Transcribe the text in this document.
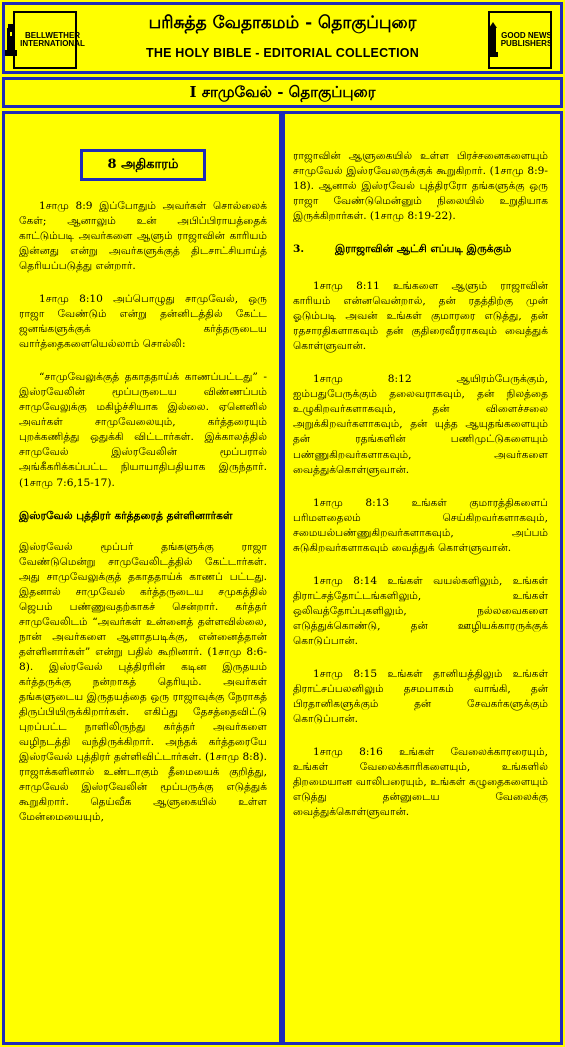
BELLWETHER
INTERNATIONAL
பரிசுத்த வேதாகமம் - தொகுப்புரை
THE HOLY BIBLE - EDITORIAL COLLECTION
GOOD NEWS
PUBLISHERS
I சாமுவேல் - தொகுப்புரை
8 அதிகாரம்

1சாமு 8:9 இப்போதும் அவர்கள் சொல்லைக் கேள்; ஆனாலும் உன் அபிப்பிராயத்தைக் காட்டும்படி அவர்களை ஆளும் ராஜாவின் காரியம் இன்னது என்று அவர்களுக்குத் திடசாட்சியாய்த் தெரியப்படுத்து என்றார்.

1சாமு 8:10 அப்பொழுது சாமுவேல், ஒரு ராஜா வேண்டும் என்று தன்னிடத்தில் கேட்ட ஜனங்களுக்குக் கர்த்தருடைய வார்த்தைகளையெல்லாம் சொல்லி:

“சாமுவேலுக்குத் தகாததாய்க் காணப்பட்டது” - இஸ்ரவேலின் மூப்பருடைய விண்ணப்பம் சாமுவேலுக்கு மகிழ்ச்சியாக இல்லை. ஏனெனில் அவர்கள் சாமுவேலையும், கர்த்தரையும் புறக்கணித்து ஒதுக்கி விட்டார்கள். இக்காலத்தில் சாமுவேல் இஸ்ரவேலின் மூப்பரால் அங்கீகரிக்கப்பட்ட நியாயாதிபதியாக இருந்தார். (1சாமு 7:6,15-17).

இஸ்ரவேல் புத்திரர் கர்த்தரைத் தள்ளினார்கள்

இஸ்ரவேல் மூப்பர் தங்களுக்கு ராஜா வேண்டுமென்று சாமுவேலிடத்தில் கேட்டார்கள். அது சாமுவேலுக்குத் தகாததாய்க் காணப் பட்டது. இதனால் சாமுவேல் கர்த்தருடைய சமுகத்தில் ஜெபம் பண்ணுவதற்காகச் சென்றார். கர்த்தர் சாமுவேலிடம் “அவர்கள் உன்னைத் தள்ளவில்லை, நான் அவர்களை ஆளாதபடிக்கு, என்னைத்தான் தள்ளினார்கள்” என்று பதில் கூறினார். (1சாமு 8:6-8). இஸ்ரவேல் புத்திரரின் கடின இருதயம் கர்த்தருக்கு நன்றாகத் தெரியும். அவர்கள் தங்களுடைய இருதயத்தை ஒரு ராஜாவுக்கு நேராகத் திருப்பியிருக்கிறார்கள். எகிப்து தேசத்தைவிட்டு புறப்பட்ட நாளிலிருந்து கர்த்தர் அவர்களை வழிநடத்தி வந்திருக்கிறார். அந்தக் கர்த்தரையே இஸ்ரவேல் புத்திரர் தள்ளிவிட்டார்கள். (1சாமு 8:8). ராஜாக்களினால் உண்டாகும் தீமையைக் குறித்து, சாமுவேல் இஸ்ரவேலின் மூப்பருக்கு எடுத்துக் கூறுகிறார். தெய்வீக ஆளுகையில் உள்ள மேன்மையையும்,

ராஜாவின் ஆளுகையில் உள்ள பிரச்சனைகளையும் சாமுவேல் இஸ்ரவேலருக்குக் கூறுகிறார். (1சாமு 8:9-18). ஆனால் இஸ்ரவேல் புத்திரரோ தங்களுக்கு ஒரு ராஜா வேண்டுமென்னும் நிலையில் உறுதியாக இருக்கிறார்கள். (1சாமு 8:19-22).

3.	இராஜாவின் ஆட்சி எப்படி இருக்கும்

1சாமு 8:11 உங்களை ஆளும் ராஜாவின் காரியம் என்னவென்றால், தன் ரதத்திற்கு முன் ஓடும்படி அவன் உங்கள் குமாரரை எடுத்து, தன் ரதசாரதிகளாகவும் தன் குதிரைவீரராகவும் வைத்துக் கொள்ளுவான்.

1சாமு 8:12 ஆயிரம்பேருக்கும், ஐம்பதுபேருக்கும் தலைவராகவும், தன் நிலத்தை உழுகிறவர்களாகவும், தன் விளைச்சலை அறுக்கிறவர்களாகவும், தன் யுத்த ஆயுதங்களையும் தன் ரதங்களின் பணிமுட்டுகளையும் பண்ணுகிறவர்களாகவும், அவர்களை வைத்துக்கொள்ளுவான்.

1சாமு 8:13 உங்கள் குமாரத்திகளைப் பரிமளதைலம் செய்கிறவர்களாகவும், சமையல்பண்ணுகிறவர்களாகவும், அப்பம் சுடுகிறவர்களாகவும் வைத்துக் கொள்ளுவான்.

1சாமு 8:14 உங்கள் வயல்களிலும், உங்கள் திராட்சத்தோட்டங்களிலும், உங்கள் ஒலிவத்தோப்புகளிலும், நல்லவைகளை எடுத்துக்கொண்டு, தன் ஊழியக்காரருக்குக் கொடுப்பான்.

1சாமு 8:15 உங்கள் தானியத்திலும் உங்கள் திராட்சப்பலனிலும் தசமபாகம் வாங்கி, தன் பிரதானிகளுக்கும் தன் சேவகர்களுக்கும் கொடுப்பான்.

1சாமு 8:16 உங்கள் வேலைக்காரரையும், உங்கள் வேலைக்காரிகளையும், உங்களில் திறமையான வாலிபரையும், உங்கள் கழுதைகளையும் எடுத்து தன்னுடைய வேலைக்கு வைத்துக்கொள்ளுவான்.
